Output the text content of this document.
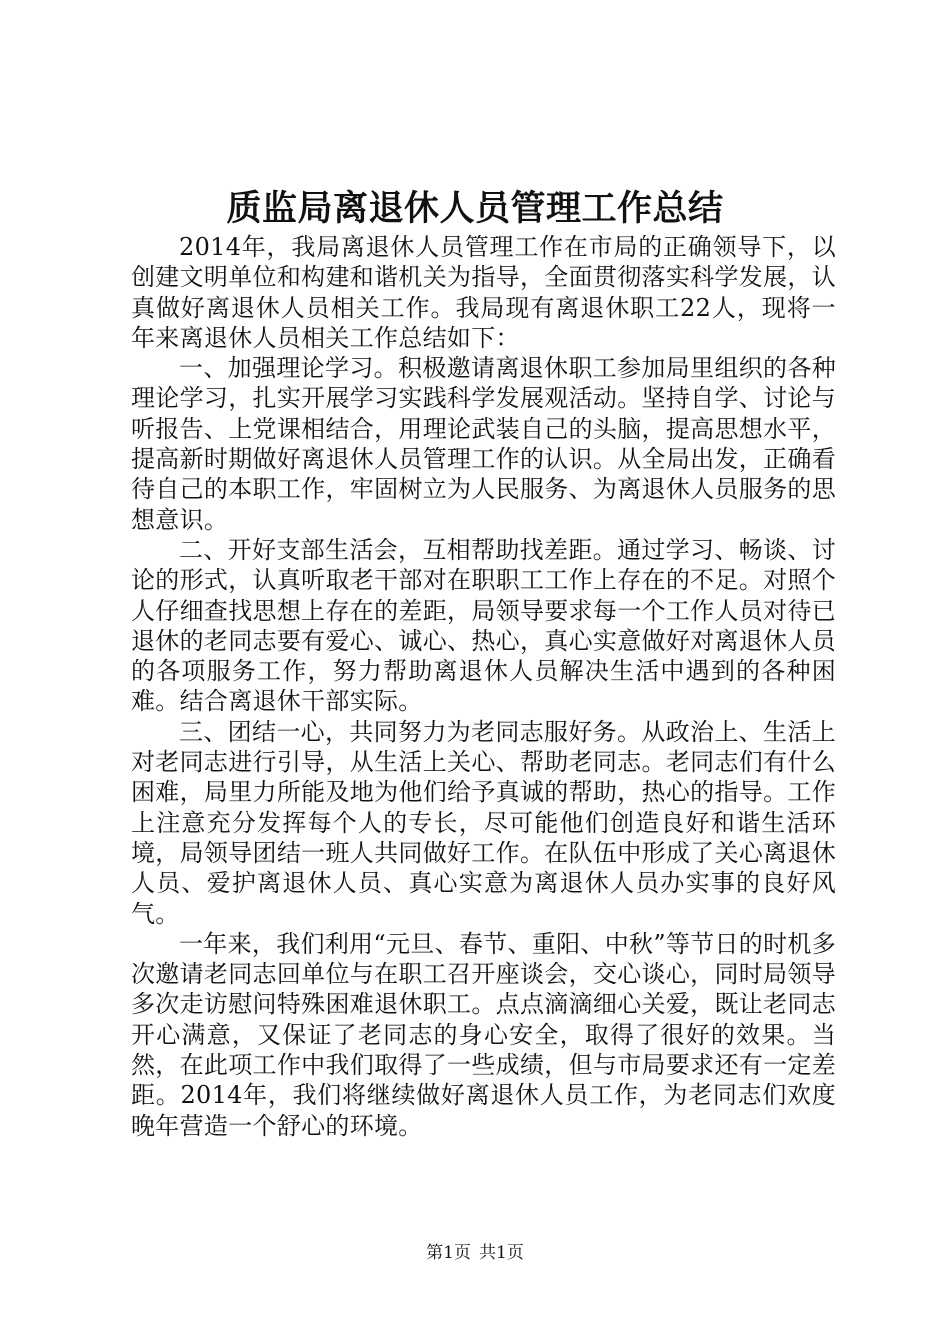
质监局离退休人员管理工作总结

2014年，我局离退休人员管理工作在市局的正确领导下，以创建文明单位和构建和谐机关为指导，全面贯彻落实科学发展，认真做好离退休人员相关工作。我局现有离退休职工22人，现将一年来离退休人员相关工作总结如下：

一、加强理论学习。积极邀请离退休职工参加局里组织的各种理论学习，扎实开展学习实践科学发展观活动。坚持自学、讨论与听报告、上党课相结合，用理论武装自己的头脑，提高思想水平，提高新时期做好离退休人员管理工作的认识。从全局出发，正确看待自己的本职工作，牢固树立为人民服务、为离退休人员服务的思想意识。

二、开好支部生活会，互相帮助找差距。通过学习、畅谈、讨论的形式，认真听取老干部对在职职工工作上存在的不足。对照个人仔细查找思想上存在的差距，局领导要求每一个工作人员对待已退休的老同志要有爱心、诚心、热心，真心实意做好对离退休人员的各项服务工作，努力帮助离退休人员解决生活中遇到的各种困难。结合离退休干部实际。

三、团结一心，共同努力为老同志服好务。从政治上、生活上对老同志进行引导，从生活上关心、帮助老同志。老同志们有什么困难，局里力所能及地为他们给予真诚的帮助，热心的指导。工作上注意充分发挥每个人的专长，尽可能他们创造良好和谐生活环境，局领导团结一班人共同做好工作。在队伍中形成了关心离退休人员、爱护离退休人员、真心实意为离退休人员办实事的良好风气。

一年来，我们利用“元旦、春节、重阳、中秋”等节日的时机多次邀请老同志回单位与在职工召开座谈会，交心谈心，同时局领导多次走访慰问特殊困难退休职工。点点滴滴细心关爱，既让老同志开心满意，又保证了老同志的身心安全，取得了很好的效果。当然，在此项工作中我们取得了一些成绩，但与市局要求还有一定差距。2014年，我们将继续做好离退休人员工作，为老同志们欢度晚年营造一个舒心的环境。

第1页 共1页
